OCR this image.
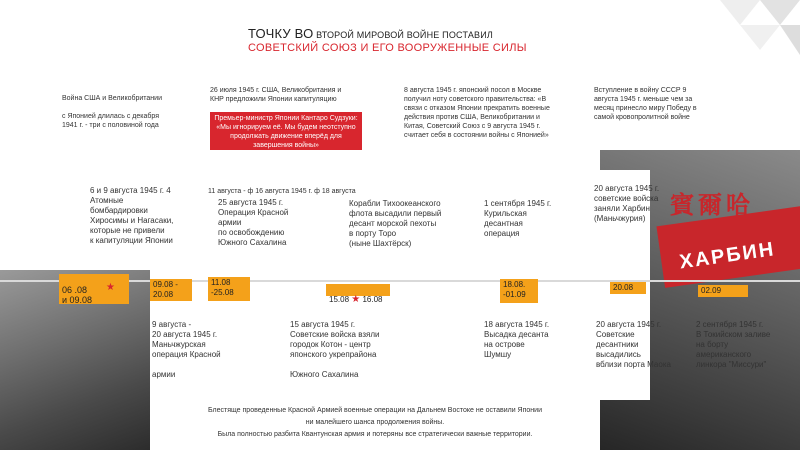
賓爾哈
ХАРБИН
ТОЧКУ ВО ВТОРОЙ МИРОВОЙ ВОЙНЕ ПОСТАВИЛ
СОВЕТСКИЙ СОЮЗ И ЕГО ВООРУЖЕННЫЕ СИЛЫ
Война США и Великобритании

с Японией длилась с декабря
1941 г. - три с половиной года
26 июля 1945 г. США, Великобритания и
КНР предложили Японии капитуляцию
8 августа 1945 г. японский посол в Москве
получил ноту советского правительства: «В
связи с отказом Японии прекратить военные
действия против США, Великобритании и
Китая, Советский Союз с 9 августа 1945 г.
считает себя в состоянии войны с Японией»
Вступление в войну СССР 9
августа 1945 г. меньше чем за
месяц принесло миру Победу в
самой кровопролитной войне
Премьер-министр Японии Кантаро Судзуки: «Мы игнорируем её. Мы будем неотступно продолжать движение вперёд для завершения войны»
6 и 9 августа 1945 г. 4
Атомные
бомбардировки
Хиросимы и Нагасаки,
которые не привели
к капитуляции Японии
11 августа - ф 16 августа 1945 г. ф 18 августа
25 августа 1945 г.
Операция Красной
армии
по освобождению
Южного Сахалина
Корабли Тихоокеанского
флота высадили первый
десант морской пехоты
в порту Торо
(ныне Шахтёрск)
1 сентября 1945 г.
Курильская
десантная
операция
20 августа 1945 г.
советские войска
заняли Харбин
(Маньчжурия)

06 .08
и 09.08

★	09.08 -
20.08
11.08
-25.08

15.08 ★ 16.08

18.08.
-01.09
20.08	02.09
9 августа -
20 августа 1945 г.
Маньчжурская
операция Красной

армии
15 августа 1945 г.
Советские войска взяли
городок Котон - центр
японского укрепрайона

Южного Сахалина
18 августа 1945 г.
Высадка десанта
на острове
Шумшу
20 августа 1945 г.
Советские
десантники
высадились
вблизи порта Маока
2 сентября 1945 г.
В Токийском заливе
на борту
американского
линкора "Миссури"
Блестяще проведенные Красной Армией военные операции на Дальнем Востоке не оставили Японии
ни малейшего шанса продолжения войны.
Была полностью разбита Квантунская армия и потеряны все стратегически важные территории.
